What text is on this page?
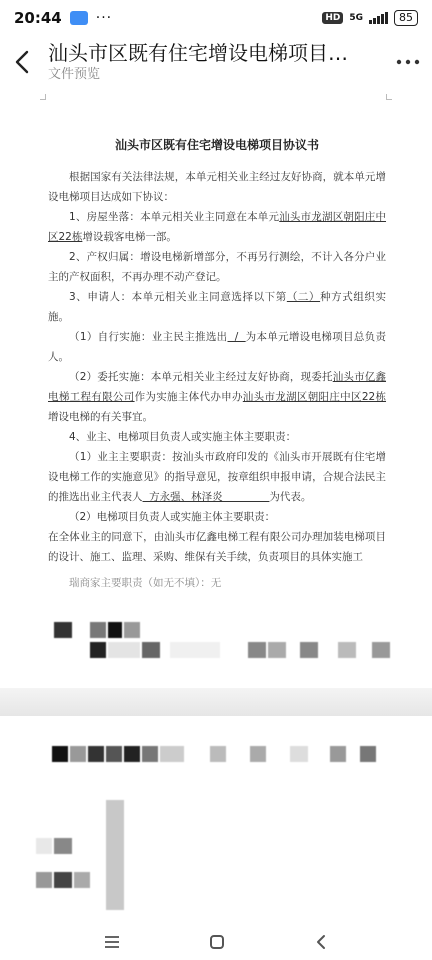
20:44 ···	HD	5G	85
汕头市区既有住宅增设电梯项目…
文件预览
汕头市区既有住宅增设电梯项目协议书

根据国家有关法律法规，本单元相关业主经过友好协商，就本单元增设电梯项目达成如下协议：

1、房屋坐落：本单元相关业主同意在本单元汕头市龙湖区朝阳庄中区22栋增设载客电梯一部。

2、产权归属：增设电梯新增部分，不再另行测绘，不计入各分户业主的产权面积，不再办理不动产登记。

3、申请人：本单元相关业主同意选择以下第（二）种方式组织实施。

（1）自行实施：业主民主推选出  /  为本单元增设电梯项目总负责人。

（2）委托实施：本单元相关业主经过友好协商，现委托汕头市亿鑫电梯工程有限公司作为实施主体代办申办汕头市龙湖区朝阳庄中区22栋增设电梯的有关事宜。

4、业主、电梯项目负责人或实施主体主要职责：

（1）业主主要职责：按汕头市政府印发的《汕头市开展既有住宅增设电梯工作的实施意见》的指导意见，按章组织申报申请，合规合法民主的推选出业主代表人  方永强、林泽炎              为代表。

（2）电梯项目负责人或实施主体主要职责：

在全体业主的同意下，由汕头市亿鑫电梯工程有限公司办理加装电梯项目的设计、施工、监理、采购、维保有关手续，负责项目的具体实施工

瑞商家主要职责（如无不填）：无
